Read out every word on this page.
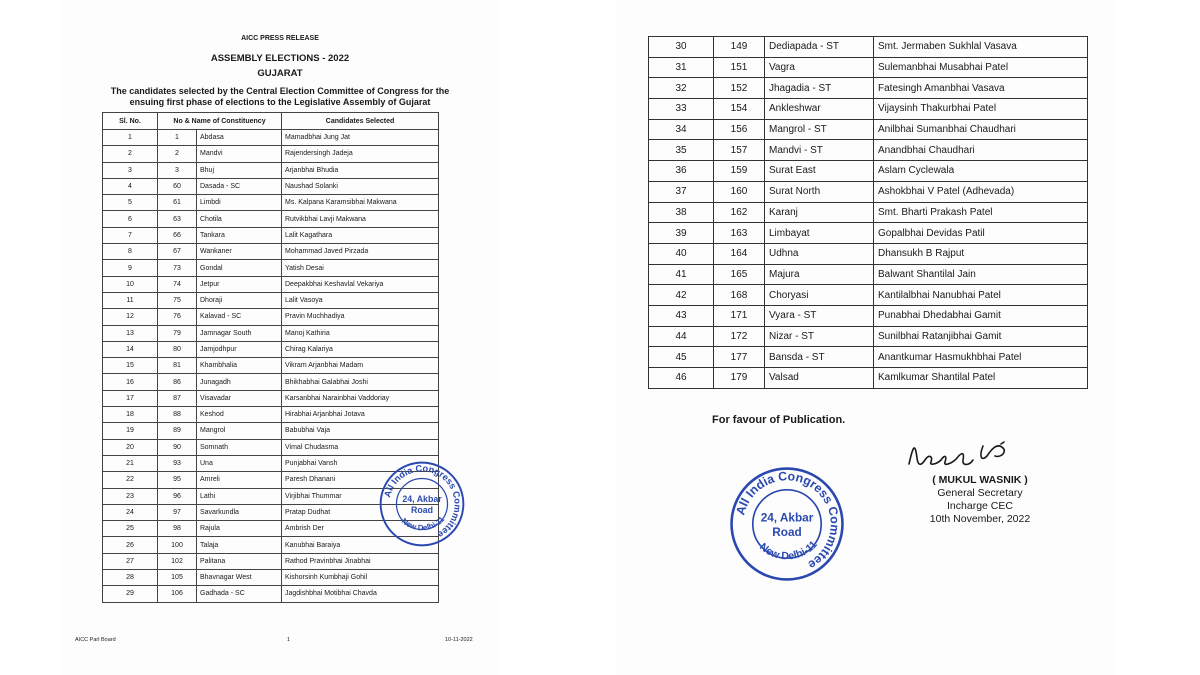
AICC PRESS RELEASE
ASSEMBLY ELECTIONS - 2022
GUJARAT
The candidates selected by the Central Election Committee of Congress for the ensuing first phase of elections to the Legislative Assembly of Gujarat
Sl. No.	No & Name of Constituency		Candidates Selected
1	1	Abdasa	Mamadbhai Jung Jat
2	2	Mandvi	Rajendersingh Jadeja
3	3	Bhuj	Arjanbhai Bhudia
4	60	Dasada - SC	Naushad Solanki
5	61	Limbdi	Ms. Kalpana Karamsibhai Makwana
6	63	Chotila	Rutvikbhai Lavji Makwana
7	66	Tankara	Lalit Kagathara
8	67	Wankaner	Mohammad Javed Pirzada
9	73	Gondal	Yatish Desai
10	74	Jetpur	Deepakbhai Keshavlal Vekariya
11	75	Dhoraji	Lalit Vasoya
12	76	Kalavad - SC	Pravin Muchhadiya
13	79	Jamnagar South	Manoj Kathiria
14	80	Jamjodhpur	Chirag Kalariya
15	81	Khambhalia	Vikram Arjanbhai Madam
16	86	Junagadh	Bhikhabhai Galabhai Joshi
17	87	Visavadar	Karsanbhai Narainbhai Vaddoriay
18	88	Keshod	Hirabhai Arjanbhai Jotava
19	89	Mangrol	Babubhai Vaja
20	90	Somnath	Vimal Chudasma
21	93	Una	Punjabhai Vansh
22	95	Amreli	Paresh Dhanani
23	96	Lathi	Virjibhai Thummar
24	97	Savarkundla	Pratap Dudhat
25	98	Rajula	Ambrish Der
26	100	Talaja	Kanubhai Baraiya
27	102	Palitana	Rathod Pravinbhai Jinabhai
28	105	Bhavnagar West	Kishorsinh Kumbhaji Gohil
29	106	Gadhada - SC	Jagdishbhai Motibhai Chavda
AICC Parl Board	1	10-11-2022
All India Congress Committee
New Delhi-11
24, Akbar
Road
30	149	Dediapada - ST	Smt. Jermaben Sukhlal Vasava
31	151	Vagra	Sulemanbhai Musabhai Patel
32	152	Jhagadia - ST	Fatesingh Amanbhai Vasava
33	154	Ankleshwar	Vijaysinh Thakurbhai Patel
34	156	Mangrol - ST	Anilbhai Sumanbhai Chaudhari
35	157	Mandvi - ST	Anandbhai Chaudhari
36	159	Surat East	Aslam Cyclewala
37	160	Surat North	Ashokbhai V Patel (Adhevada)
38	162	Karanj	Smt. Bharti Prakash Patel
39	163	Limbayat	Gopalbhai Devidas Patil
40	164	Udhna	Dhansukh B Rajput
41	165	Majura	Balwant Shantilal Jain
42	168	Choryasi	Kantilalbhai Nanubhai Patel
43	171	Vyara - ST	Punabhai Dhedabhai Gamit
44	172	Nizar - ST	Sunilbhai Ratanjibhai Gamit
45	177	Bansda - ST	Anantkumar Hasmukhbhai Patel
46	179	Valsad	Kamlkumar Shantilal Patel
For favour of Publication.
( MUKUL WASNIK )
General Secretary
Incharge CEC
10th November, 2022
All India Congress Committee
New Delhi-11
24, Akbar
Road
